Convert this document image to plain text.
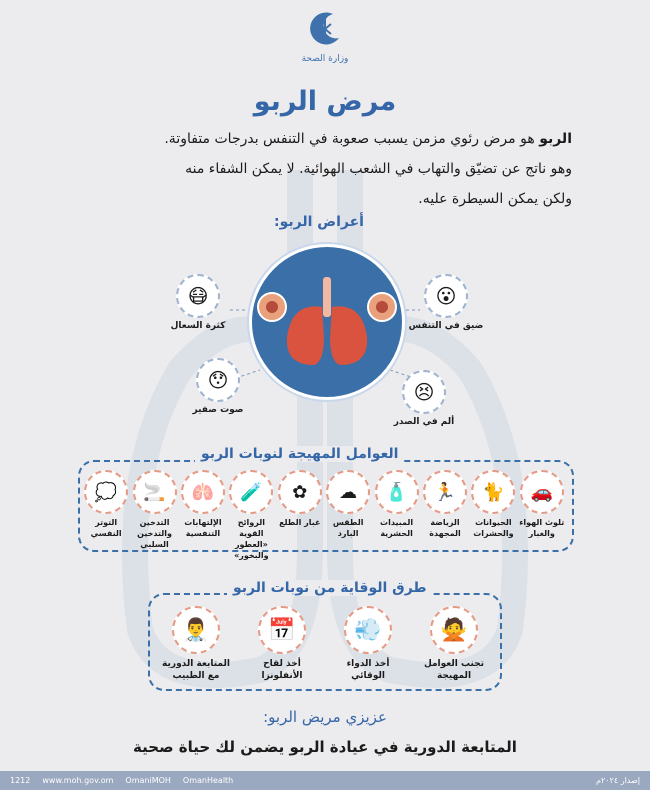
وزارة الصحة
مرض الربو
الربو هو مرض رئوي مزمن يسبب صعوبة في التنفس بدرجات متفاوتة.
وهو ناتج عن تضيّق والتهاب في الشعب الهوائية. لا يمكن الشفاء منه
ولكن يمكن السيطرة عليه.
أعراض الربو:
😷
كثرة السعال
😮
ضيق في التنفس
😯
صوت صفير
😣
ألم في الصدر
العوامل المهيجة لنوبات الربو
🚗
تلوث الهواء والغبار
🐈
الحيوانات والحشرات
🏃
الرياضة المجهدة
🧴
المبيدات الحشرية
☁
الطقس البارد
✿
غبار الطلع
🧪
الروائح القوية «العطور والبخور»
🫁
الإلتهابات التنفسية
🚬
التدخين والتدخين السلبي
💭
التوتر النفسي
طرق الوقاية من نوبات الربو
🙅
تجنب العوامل المهيجة
💨
أخذ الدواء الوقائي
📅
أخذ لقاح الأنفلونزا
👨‍⚕️
المتابعة الدورية مع الطبيب
عزيزي مريض الربو:
المتابعة الدورية في عيادة الربو يضمن لك حياة صحية
1212 www.moh.gov.om OmaniMOH OmanHealth	إصدار ٢٠٢٤م
